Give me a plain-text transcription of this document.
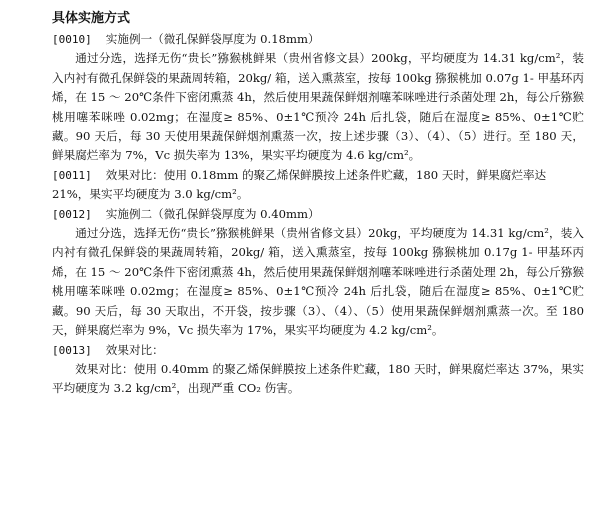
具体实施方式
[0010] 实施例一（微孔保鲜袋厚度为 0.18mm）

通过分选，选择无伤“贵长”猕猴桃鲜果（贵州省修文县）200kg，平均硬度为 14.31 kg/cm²，装入内衬有微孔保鲜袋的果蔬周转箱，20kg/ 箱，送入熏蒸室，按每 100kg 猕猴桃加 0.07g 1- 甲基环丙烯，在 15 ～ 20℃条件下密闭熏蒸 4h，然后使用果蔬保鲜烟剂噻苯咪唑进行杀菌处理 2h，每公斤猕猴桃用噻苯咪唑 0.02mg；在湿度≥ 85%、0±1℃预冷 24h 后扎袋，随后在湿度≥ 85%、0±1℃贮藏。90 天后，每 30 天使用果蔬保鲜烟剂熏蒸一次，按上述步骤（3）、（4）、（5）进行。至 180 天，鲜果腐烂率为 7%，Vc 损失率为 13%，果实平均硬度为 4.6 kg/cm²。

[0011] 效果对比：使用 0.18mm 的聚乙烯保鲜膜按上述条件贮藏，180 天时，鲜果腐烂率达

21%，果实平均硬度为 3.0 kg/cm²。

[0012] 实施例二（微孔保鲜袋厚度为 0.40mm）

通过分选，选择无伤“贵长”猕猴桃鲜果（贵州省修文县）20kg，平均硬度为 14.31 kg/cm²，装入内衬有微孔保鲜袋的果蔬周转箱，20kg/ 箱，送入熏蒸室，按每 100kg 猕猴桃加 0.17g 1- 甲基环丙烯，在 15 ～ 20℃条件下密闭熏蒸 4h，然后使用果蔬保鲜烟剂噻苯咪唑进行杀菌处理 2h，每公斤猕猴桃用噻苯咪唑 0.02mg；在湿度≥ 85%、0±1℃预冷 24h 后扎袋，随后在湿度≥ 85%、0±1℃贮藏。90 天后，每 30 天取出，不开袋，按步骤（3）、（4）、（5）使用果蔬保鲜烟剂熏蒸一次。至 180 天，鲜果腐烂率为 9%，Vc 损失率为 17%，果实平均硬度为 4.2 kg/cm²。

[0013] 效果对比：

效果对比：使用 0.40mm 的聚乙烯保鲜膜按上述条件贮藏，180 天时，鲜果腐烂率达 37%，果实平均硬度为 3.2 kg/cm²，出现严重 CO₂ 伤害。
